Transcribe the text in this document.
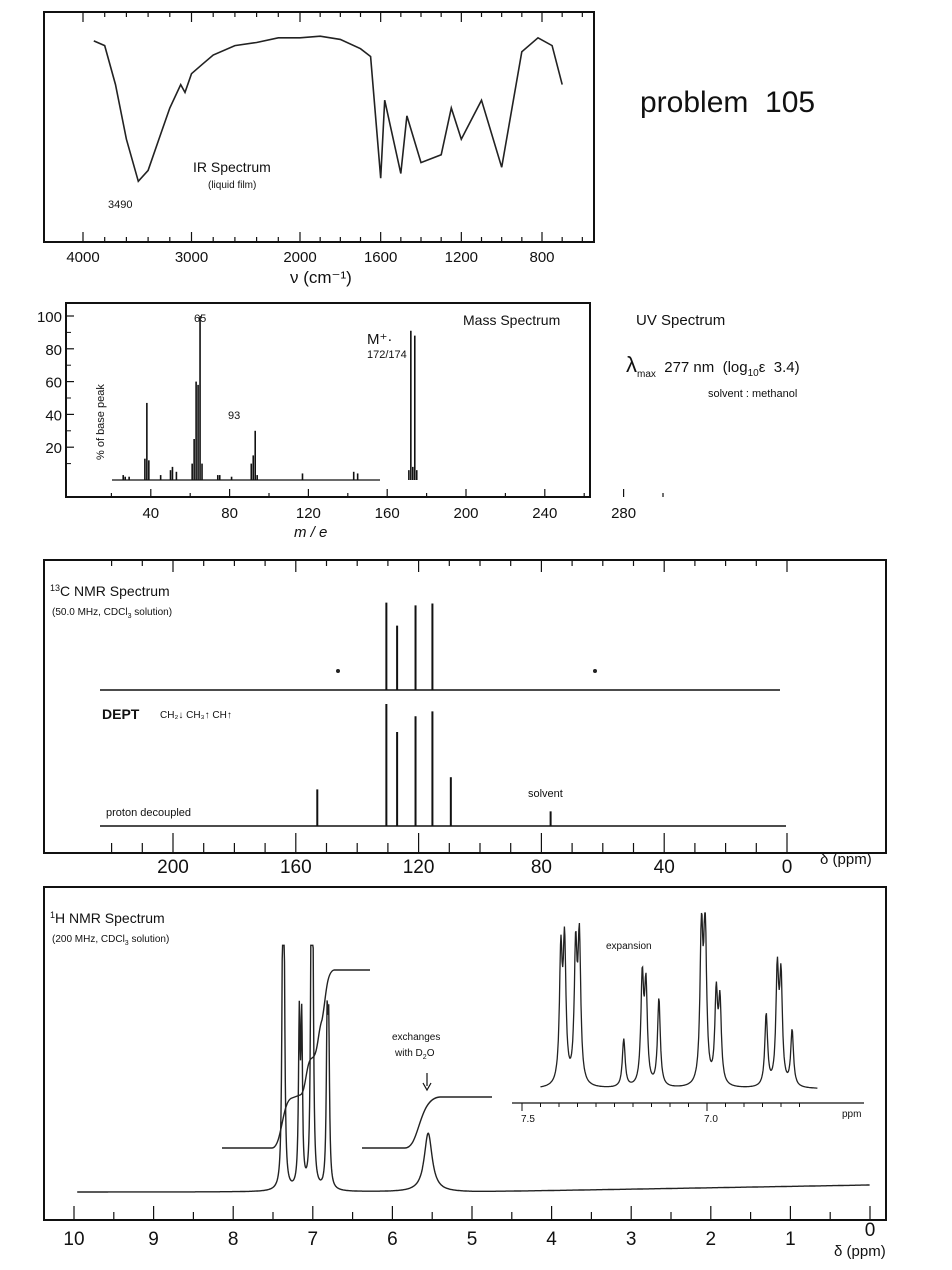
problem  105
IR Spectrum
(liquid film)
3490
4000	3000	2000	1600	1200	800
ν (cm⁻¹)
100
80
60
40
20
40	80	120	160	200	240	280
% of base peak
Mass Spectrum
65
93
M⁺·
172/174
m / e
UV Spectrum
$\lambda_{max}$  277 nm  ($\log_{10}\varepsilon$  3.4)
solvent : methanol
$^{13}$C NMR Spectrum
(50.0 MHz, CDCl$_3$ solution)
DEPT CH₂↓ CH₃↑ CH↑
proton decoupled
solvent
200	160	120	80	40	0 δ (ppm)
exchanges
with $D_2O$
expansion
7.5	7.0	ppm
$^1$H NMR Spectrum
(200 MHz, CDCl$_3$ solution)
10	9	8	7	6	5	4	3	2	1	0
δ (ppm)
